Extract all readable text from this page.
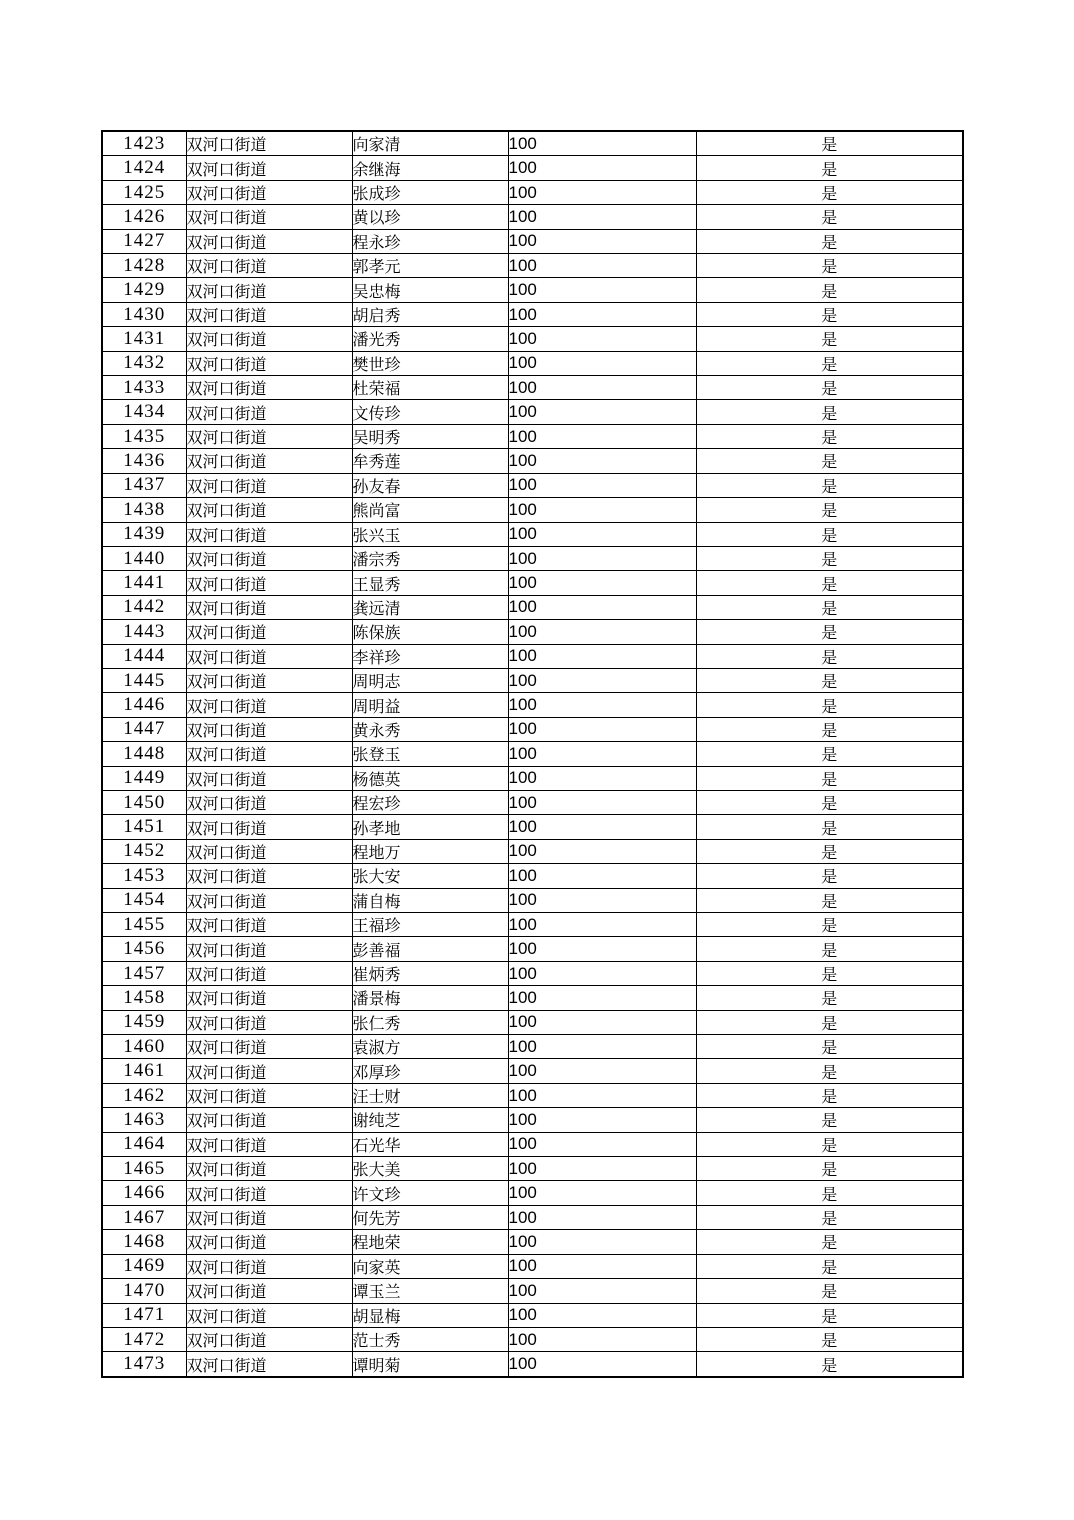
1423	双河口街道	向家清	100	是
1424	双河口街道	余继海	100	是
1425	双河口街道	张成珍	100	是
1426	双河口街道	黄以珍	100	是
1427	双河口街道	程永珍	100	是
1428	双河口街道	郭孝元	100	是
1429	双河口街道	吴忠梅	100	是
1430	双河口街道	胡启秀	100	是
1431	双河口街道	潘光秀	100	是
1432	双河口街道	樊世珍	100	是
1433	双河口街道	杜荣福	100	是
1434	双河口街道	文传珍	100	是
1435	双河口街道	吴明秀	100	是
1436	双河口街道	牟秀莲	100	是
1437	双河口街道	孙友春	100	是
1438	双河口街道	熊尚富	100	是
1439	双河口街道	张兴玉	100	是
1440	双河口街道	潘宗秀	100	是
1441	双河口街道	王显秀	100	是
1442	双河口街道	龚远清	100	是
1443	双河口街道	陈保族	100	是
1444	双河口街道	李祥珍	100	是
1445	双河口街道	周明志	100	是
1446	双河口街道	周明益	100	是
1447	双河口街道	黄永秀	100	是
1448	双河口街道	张登玉	100	是
1449	双河口街道	杨德英	100	是
1450	双河口街道	程宏珍	100	是
1451	双河口街道	孙孝地	100	是
1452	双河口街道	程地万	100	是
1453	双河口街道	张大安	100	是
1454	双河口街道	蒲自梅	100	是
1455	双河口街道	王福珍	100	是
1456	双河口街道	彭善福	100	是
1457	双河口街道	崔炳秀	100	是
1458	双河口街道	潘景梅	100	是
1459	双河口街道	张仁秀	100	是
1460	双河口街道	袁淑方	100	是
1461	双河口街道	邓厚珍	100	是
1462	双河口街道	汪士财	100	是
1463	双河口街道	谢纯芝	100	是
1464	双河口街道	石光华	100	是
1465	双河口街道	张大美	100	是
1466	双河口街道	许文珍	100	是
1467	双河口街道	何先芳	100	是
1468	双河口街道	程地荣	100	是
1469	双河口街道	向家英	100	是
1470	双河口街道	谭玉兰	100	是
1471	双河口街道	胡显梅	100	是
1472	双河口街道	范士秀	100	是
1473	双河口街道	谭明菊	100	是
